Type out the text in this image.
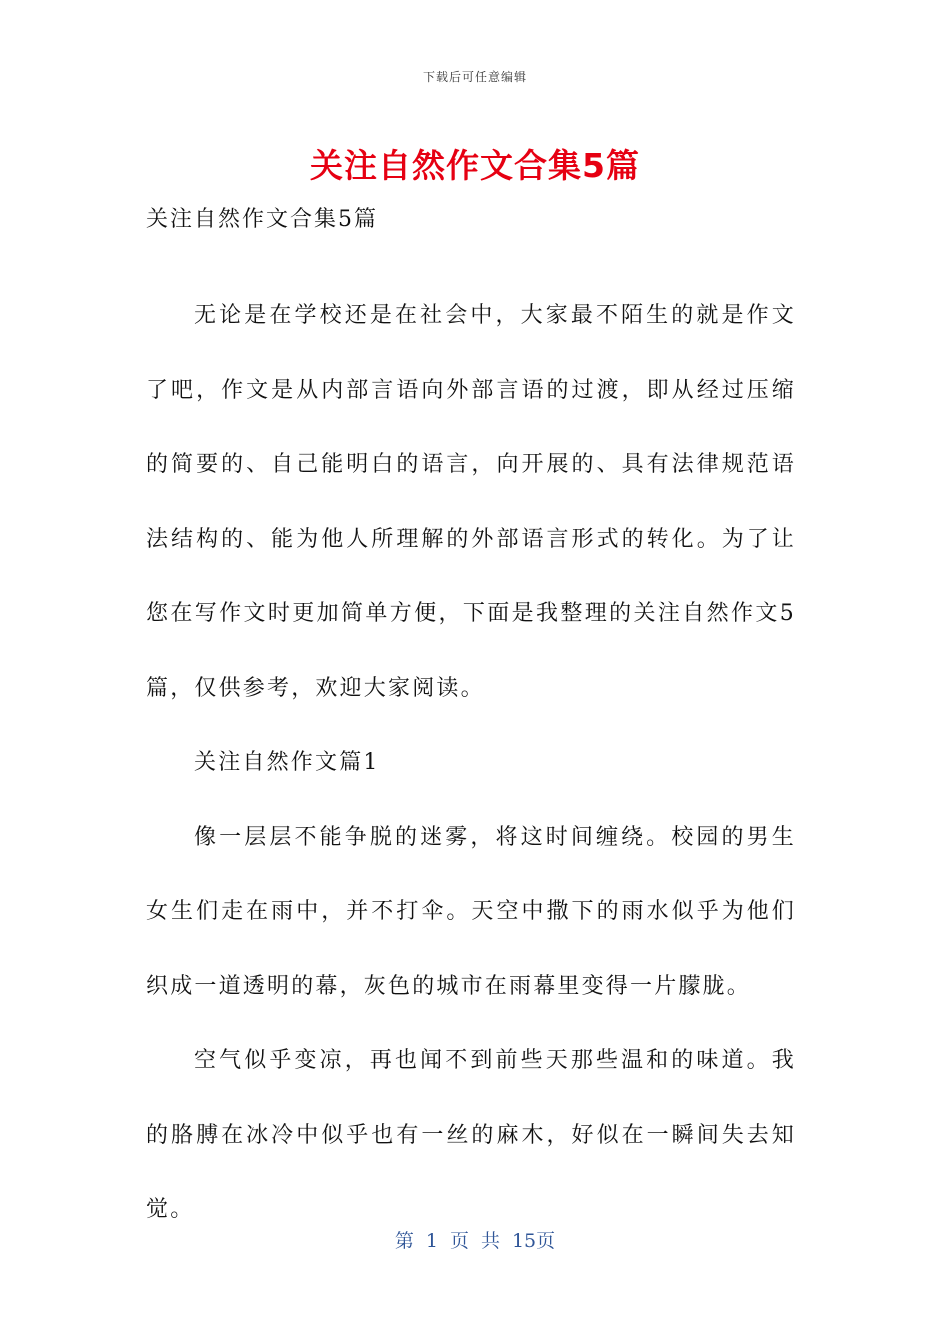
下载后可任意编辑
关注自然作文合集5篇

关注自然作文合集5篇

无论是在学校还是在社会中，大家最不陌生的就是作文了吧，作文是从内部言语向外部言语的过渡，即从经过压缩的简要的、自己能明白的语言，向开展的、具有法律规范语法结构的、能为他人所理解的外部语言形式的转化。为了让您在写作文时更加简单方便，下面是我整理的关注自然作文5篇，仅供参考，欢迎大家阅读。

关注自然作文篇1

像一层层不能争脱的迷雾，将这时间缠绕。校园的男生女生们走在雨中，并不打伞。天空中撒下的雨水似乎为他们织成一道透明的幕，灰色的城市在雨幕里变得一片朦胧。

空气似乎变凉，再也闻不到前些天那些温和的味道。我的胳膊在冰冷中似乎也有一丝的麻木，好似在一瞬间失去知觉。

第 1 页 共 15页
